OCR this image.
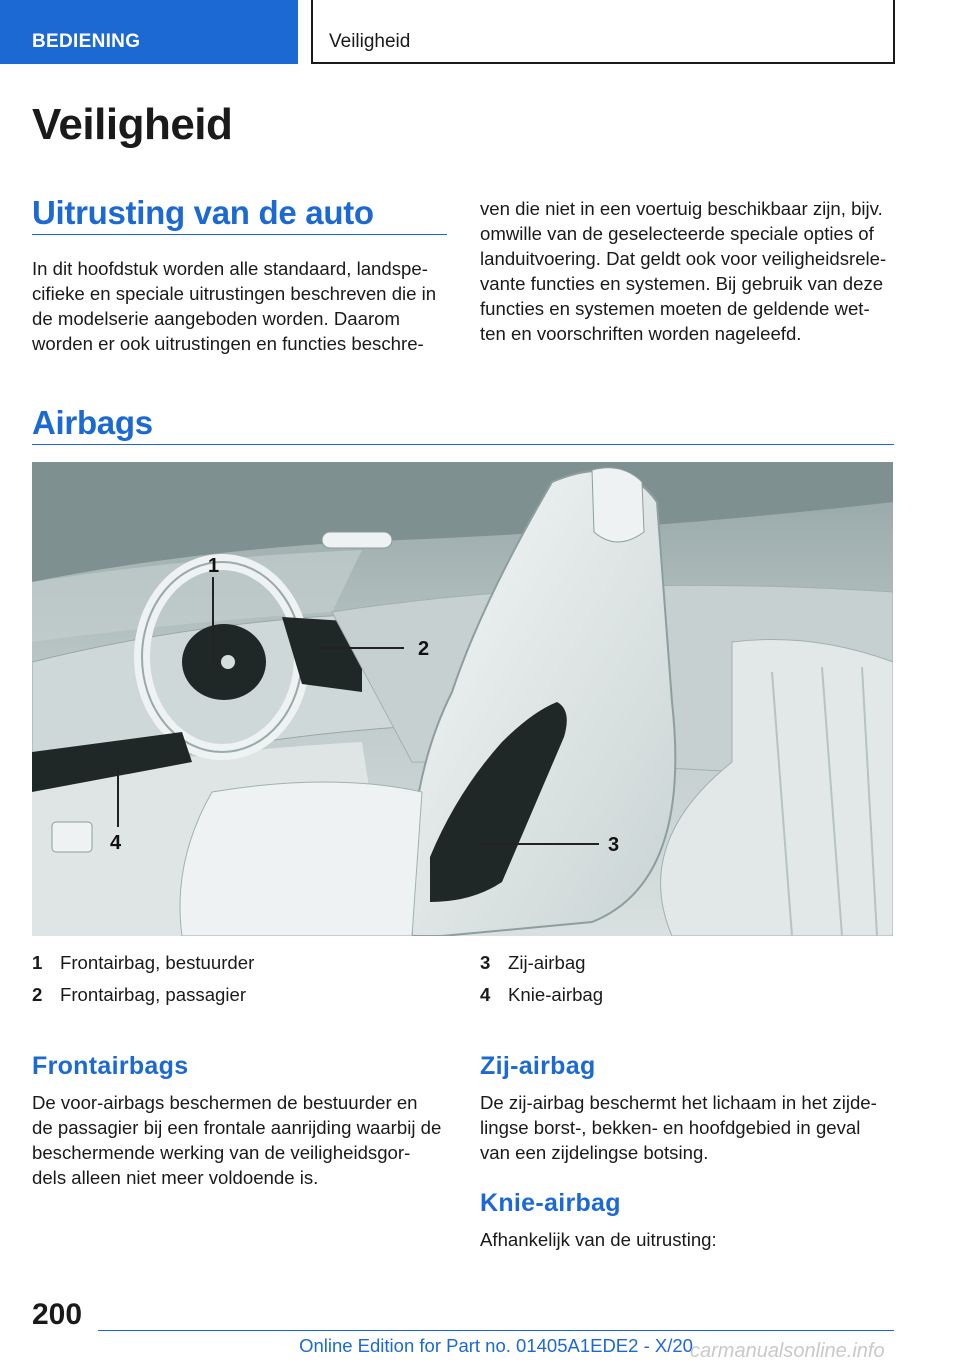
BEDIENING	Veiligheid
Veiligheid
Uitrusting van de auto
In dit hoofdstuk worden alle standaard, landspe-
cifieke en speciale uitrustingen beschreven die in
de modelserie aangeboden worden. Daarom
worden er ook uitrustingen en functies beschre-
ven die niet in een voertuig beschikbaar zijn, bijv.
omwille van de geselecteerde speciale opties of
landuitvoering. Dat geldt ook voor veiligheidsrele-
vante functies en systemen. Bij gebruik van deze
functies en systemen moeten de geldende wet-
ten en voorschriften worden nageleefd.
Airbags
1
2
3
4
1 Frontairbag, bestuurder
2 Frontairbag, passagier
3 Zij-airbag
4 Knie-airbag
Frontairbags
De voor-airbags beschermen de bestuurder en
de passagier bij een frontale aanrijding waarbij de
beschermende werking van de veiligheidsgor-
dels alleen niet meer voldoende is.
Zij-airbag
De zij-airbag beschermt het lichaam in het zijde-
lingse borst-, bekken- en hoofdgebied in geval
van een zijdelingse botsing.
Knie-airbag
Afhankelijk van de uitrusting:
200
Online Edition for Part no. 01405A1EDE2 - X/20
carmanualsonline.info
